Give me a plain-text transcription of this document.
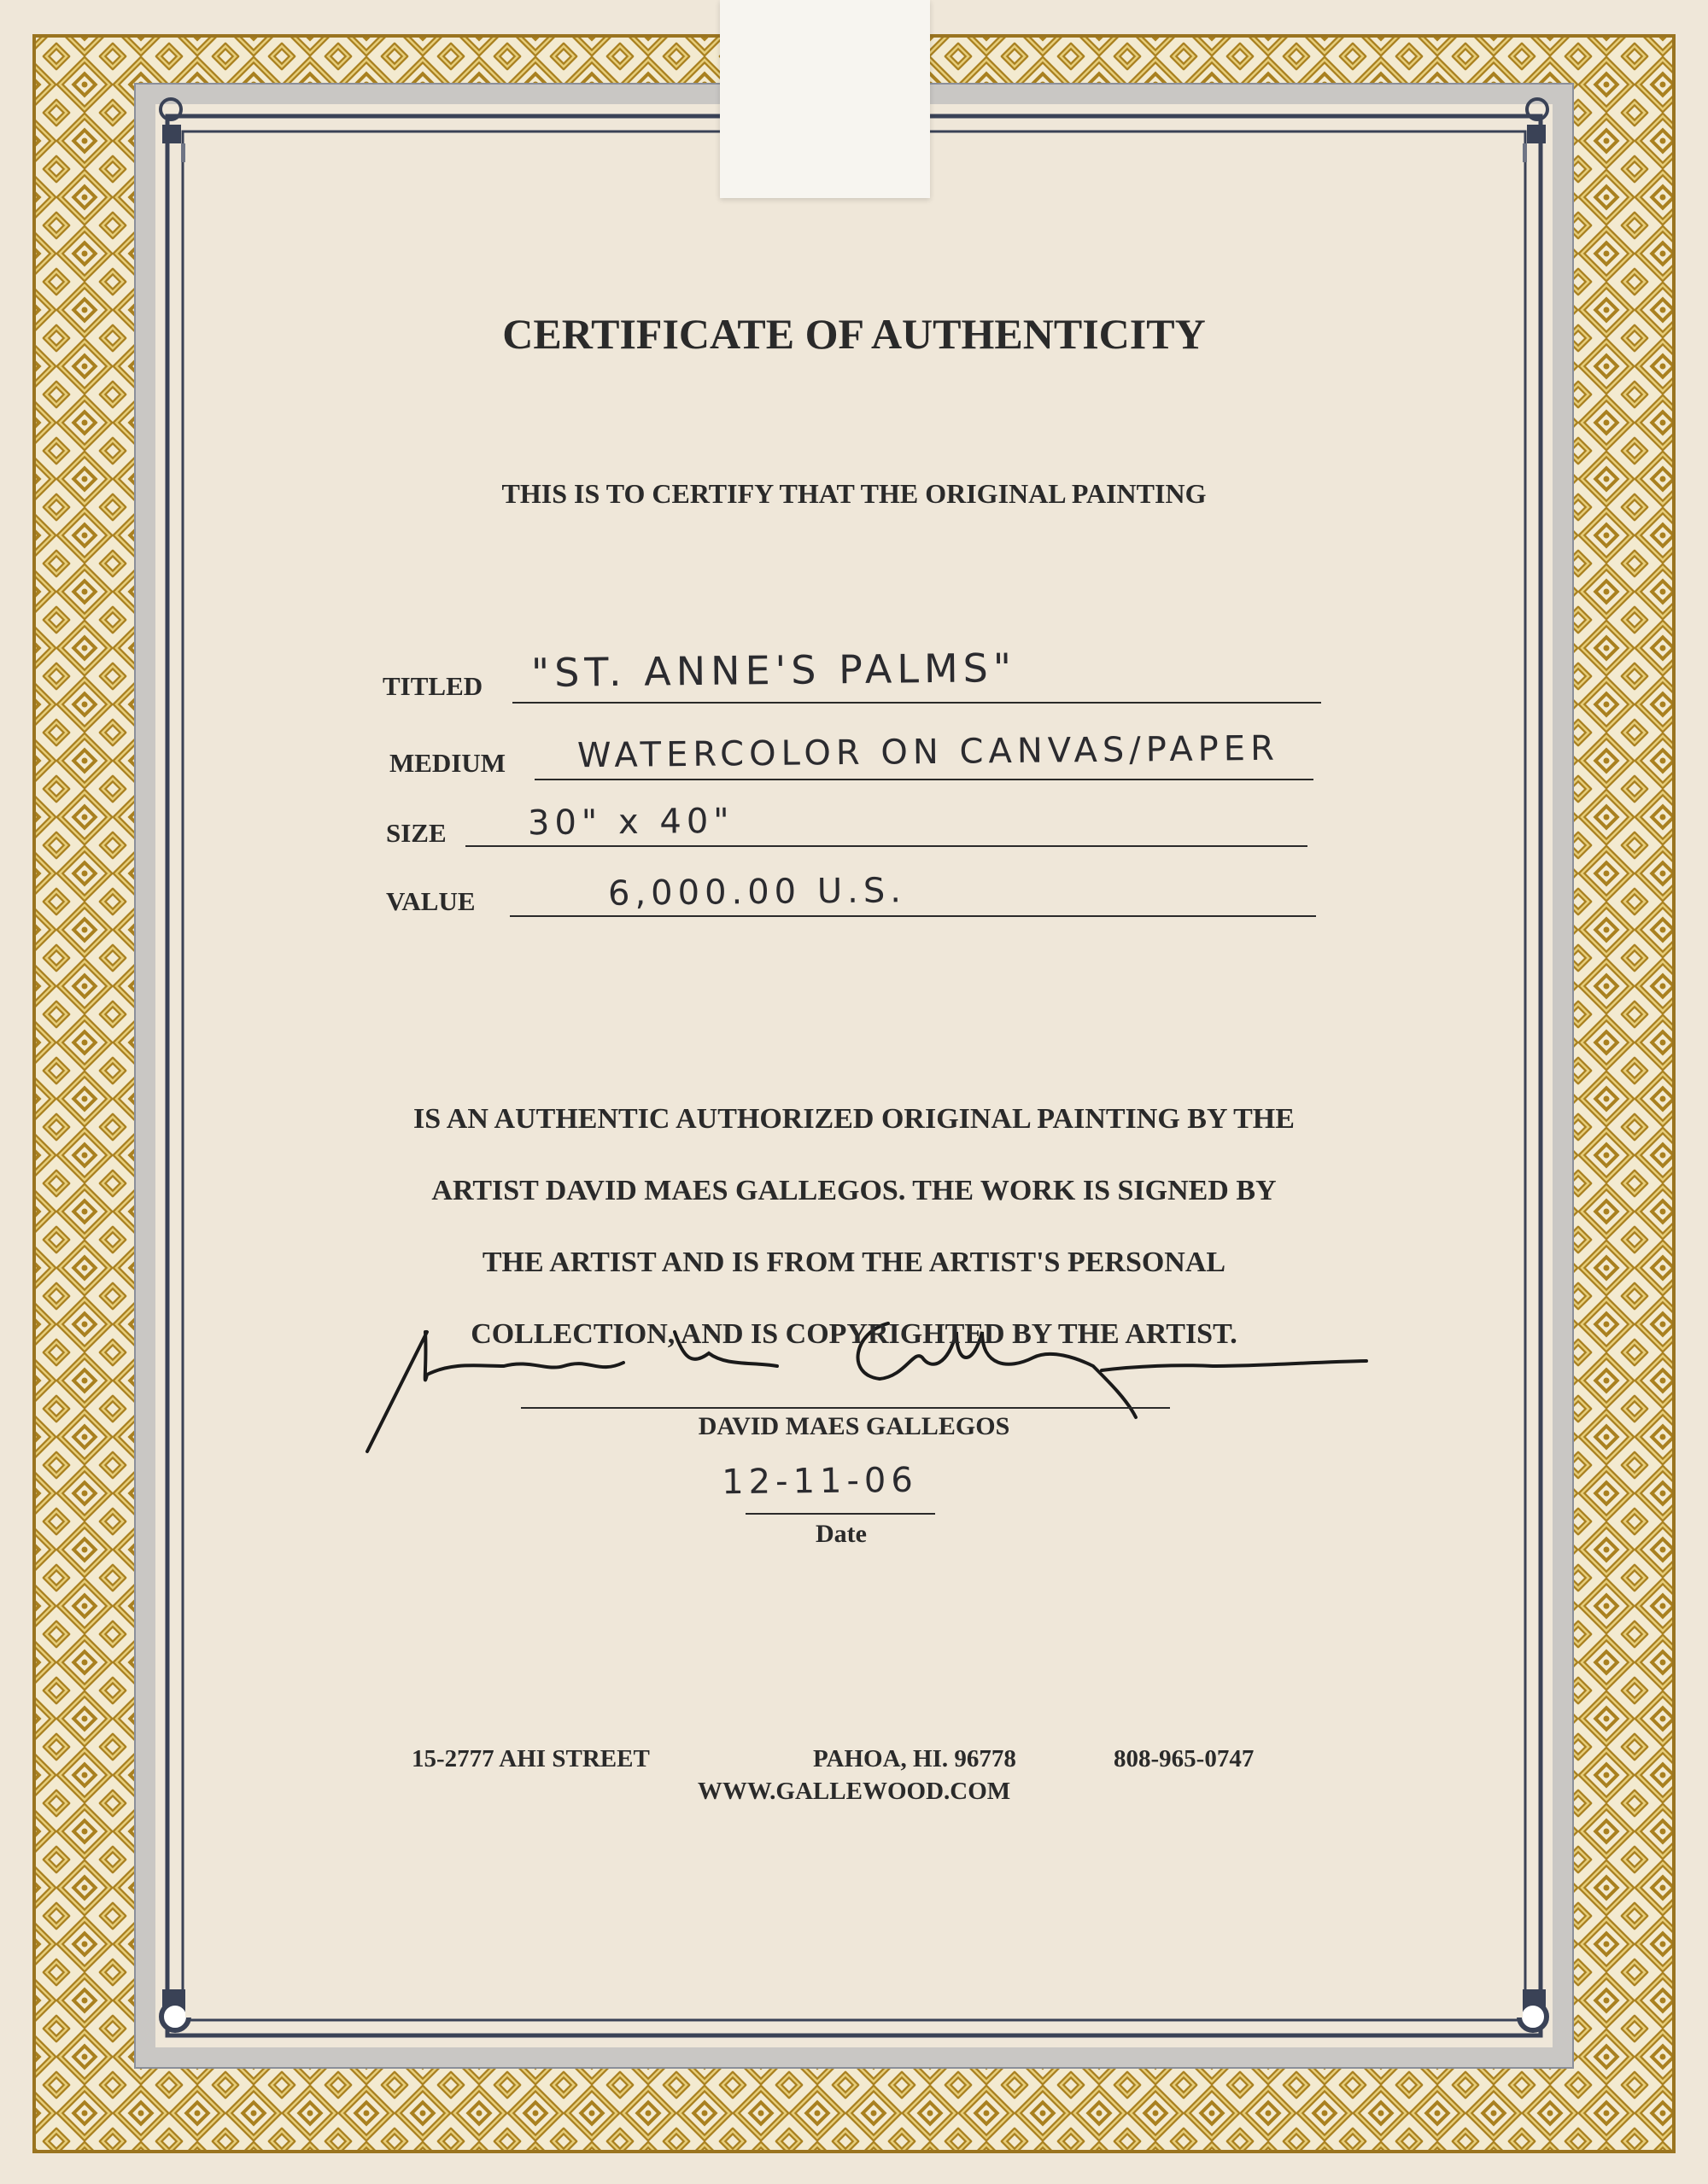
CERTIFICATE OF AUTHENTICITY
THIS IS TO CERTIFY THAT THE ORIGINAL PAINTING
TITLED "ST. ANNE'S PALMS"
MEDIUM WATERCOLOR ON CANVAS/PAPER
SIZE 30" x 40"
VALUE	6,000.00 U.S.

IS AN AUTHENTIC AUTHORIZED ORIGINAL PAINTING BY THE

ARTIST DAVID MAES GALLEGOS. THE WORK IS SIGNED BY

THE ARTIST AND IS FROM THE ARTIST'S PERSONAL

COLLECTION, AND IS COPYRIGHTED BY THE ARTIST.

DAVID MAES GALLEGOS
12-11-06
Date
15-2777 AHI STREET	PAHOA, HI. 96778	808-965-0747
WWW.GALLEWOOD.COM
